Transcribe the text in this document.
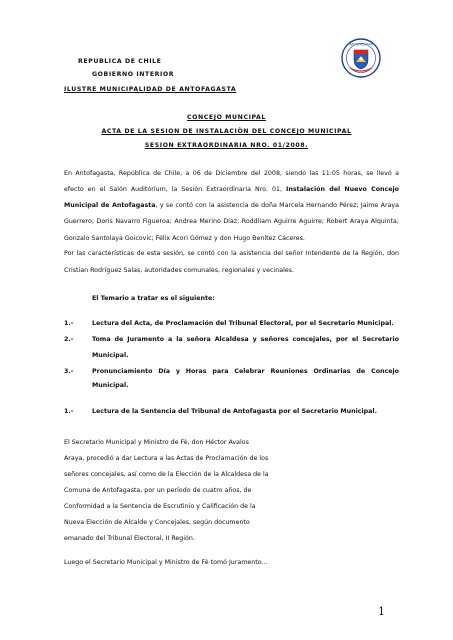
REPUBLICA DE CHILE
GOBIERNO INTERIOR
ILUSTRE MUNICIPALIDAD DE ANTOFAGASTA
ANTOFAGASTA
CONCEJO MUNCIPAL
ACTA DE LA SESION DE INSTALACIÒN DEL CONCEJO MUNICIPAL
SESION EXTRAORDINARIA NRO. 01/2008.
En Antofagasta, República de Chile, a 06 de Diciembre del 2008, siendo las 11:05 horas, se llevó a
efecto en el Salón Auditórium, la Sesión Extraordinaria Nro. 01, Instalación del Nuevo Concejo
Municipal de Antofagasta, y se contó con la asistencia de doña Marcela Hernando Pérez; Jaime Araya
Guerrero; Doris Navarro Figueroa; Andrea Merino Díaz; Roddliam Aguirre Aguirre; Robert Araya Alquinta;
Gonzalo Santolaya Goicovic; Félix Acori Gómez y don Hugo Benítez Cáceres.
Por las características de esta sesión, se contó con la asistencia del señor Intendente de la Región, don
Cristian Rodríguez Salas, autoridades comunales, regionales y vecinales.
El Temario a tratar es el siguiente:
1.-	Lectura del Acta, de Proclamación del Tribunal Electoral, por el Secretario Municipal.
2.-	Toma de Juramento a la señora Alcaldesa y señores concejales, por el Secretario
Municipal.
3.-	Pronunciamiento Día y Horas para Celebrar Reuniones Ordinarias de Concejo
Municipal.
1.-	Lectura de la Sentencia del Tribunal de Antofagasta por el Secretario Municipal.
El Secretario Municipal y Ministro de Fè, don Héctor Avalos
Araya, procedió a dar Lectura a las Actas de Proclamación de los
señores concejales, así como de la Elección de la Alcaldesa de la
Comuna de Antofagasta, por un período de cuatro años, de
Conformidad a la Sentencia de Escrutinio y Calificación de la
Nueva Elección de Alcalde y Concejales, según documento
emanado del Tribunal Electoral, II Región.
Luego el Secretario Municipal y Ministro de Fè tomó Juramento...
1
